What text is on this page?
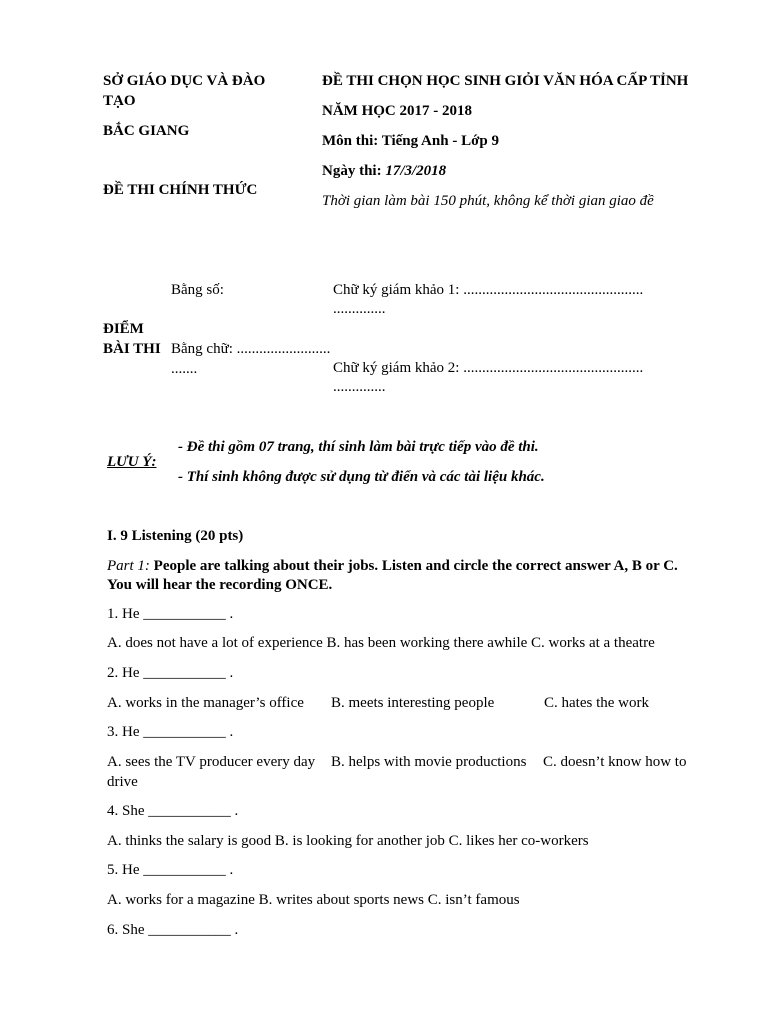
SỞ GIÁO DỤC VÀ ĐÀO
TẠO
BẮC GIANG
ĐỀ THI CHÍNH THỨC
ĐỀ THI CHỌN HỌC SINH GIỎI VĂN HÓA CẤP TỈNH
NĂM HỌC 2017 - 2018
Môn thi: Tiếng Anh - Lớp 9
Ngày thi: 17/3/2018
Thời gian làm bài 150 phút, không kể thời gian giao đề
Bằng số:
ĐIỂM
BÀI THI Bằng chữ: .........................
.......
Chữ ký giám khảo 1: ................................................
..............
Chữ ký giám khảo 2: ................................................
..............
LƯU Ý:
- Đề thi gồm 07 trang, thí sinh làm bài trực tiếp vào đề thi.
- Thí sinh không được sử dụng từ điển và các tài liệu khác.
I. 9 Listening (20 pts)
Part 1: People are talking about their jobs. Listen and circle the correct answer A, B or C.
You will hear the recording ONCE.
1. He ___________ .
A. does not have a lot of experience B. has been working there awhile C. works at a theatre
2. He ___________ .
A. works in the manager’s office B. meets interesting people	C. hates the work
3. He ___________ .
A. sees the TV producer every day B. helps with movie productions C. doesn’t know how to
drive
4. She ___________ .
A. thinks the salary is good B. is looking for another job C. likes her co-workers
5. He ___________ .
A. works for a magazine B. writes about sports news C. isn’t famous
6. She ___________ .
